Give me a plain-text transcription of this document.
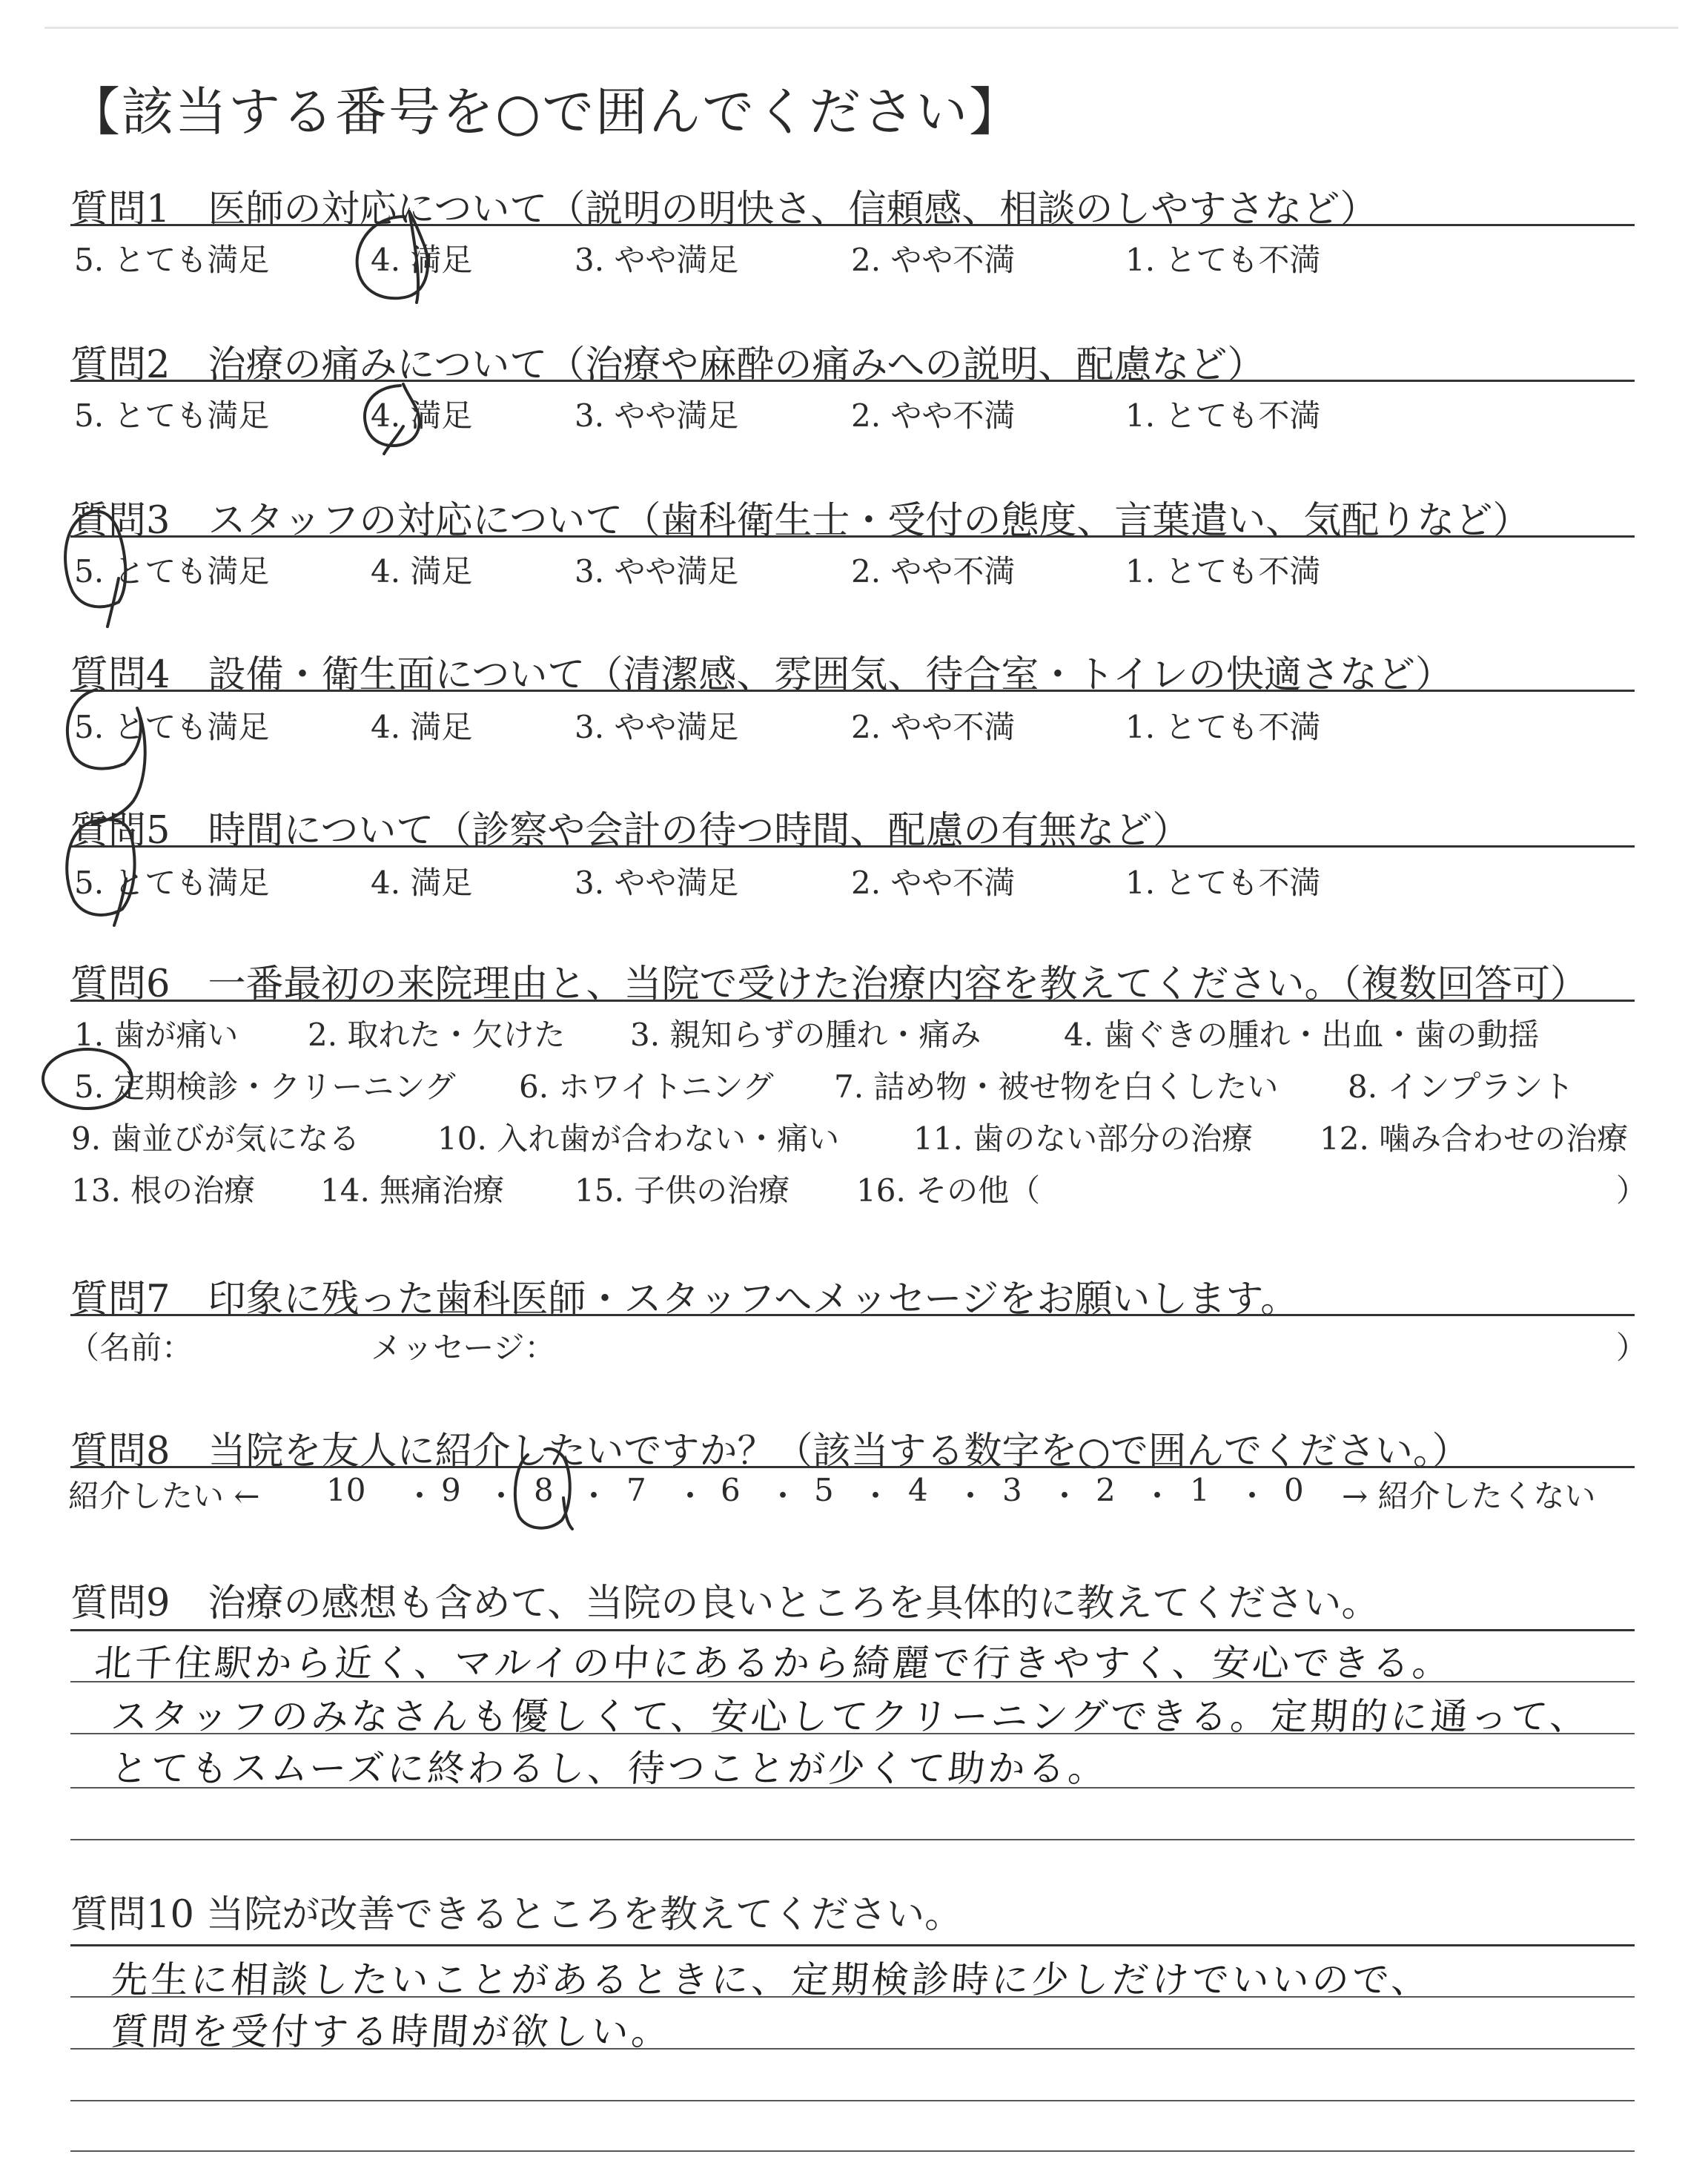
【該当する番号を○で囲んでください】
質問1　医師の対応について（説明の明快さ、信頼感、相談のしやすさなど）
5. とても満足	4. 満足	3. やや満足	2. やや不満	1. とても不満
質問2　治療の痛みについて（治療や麻酔の痛みへの説明、配慮など）
5. とても満足	4. 満足	3. やや満足	2. やや不満	1. とても不満
質問3　スタッフの対応について（歯科衛生士・受付の態度、言葉遣い、気配りなど）
5. とても満足	4. 満足	3. やや満足	2. やや不満	1. とても不満
質問4　設備・衛生面について（清潔感、雰囲気、待合室・トイレの快適さなど）
5. とても満足	4. 満足	3. やや満足	2. やや不満	1. とても不満
質問5　時間について（診察や会計の待つ時間、配慮の有無など）
5. とても満足	4. 満足	3. やや満足	2. やや不満	1. とても不満
質問6　一番最初の来院理由と、当院で受けた治療内容を教えてください。（複数回答可）
1. 歯が痛い 2. 取れた・欠けた 3. 親知らずの腫れ・痛み	4. 歯ぐきの腫れ・出血・歯の動揺
5. 定期検診・クリーニング 6. ホワイトニング 7. 詰め物・被せ物を白くしたい 8. インプラント
9. 歯並びが気になる 10. 入れ歯が合わない・痛い 11. 歯のない部分の治療 12. 噛み合わせの治療
13. 根の治療 14. 無痛治療 15. 子供の治療 16. その他（	）
質問7　印象に残った歯科医師・スタッフへメッセージをお願いします。
（名前：	メッセージ：	）
質問8　当院を友人に紹介したいですか？（該当する数字を○で囲んでください。）
紹介したい ← 10 ・ 9 ・ 8 ・ 7 ・ 6 ・ 5 ・ 4 ・ 3 ・ 2 ・ 1 ・ 0 → 紹介したくない
質問9　治療の感想も含めて、当院の良いところを具体的に教えてください。
北千住駅から近く、マルイの中にあるから綺麗で行きやすく、安心できる。
スタッフのみなさんも優しくて、安心してクリーニングできる。定期的に通って、
とてもスムーズに終わるし、待つことが少くて助かる。
質問10 当院が改善できるところを教えてください。
先生に相談したいことがあるときに、定期検診時に少しだけでいいので、
質問を受付する時間が欲しい。
